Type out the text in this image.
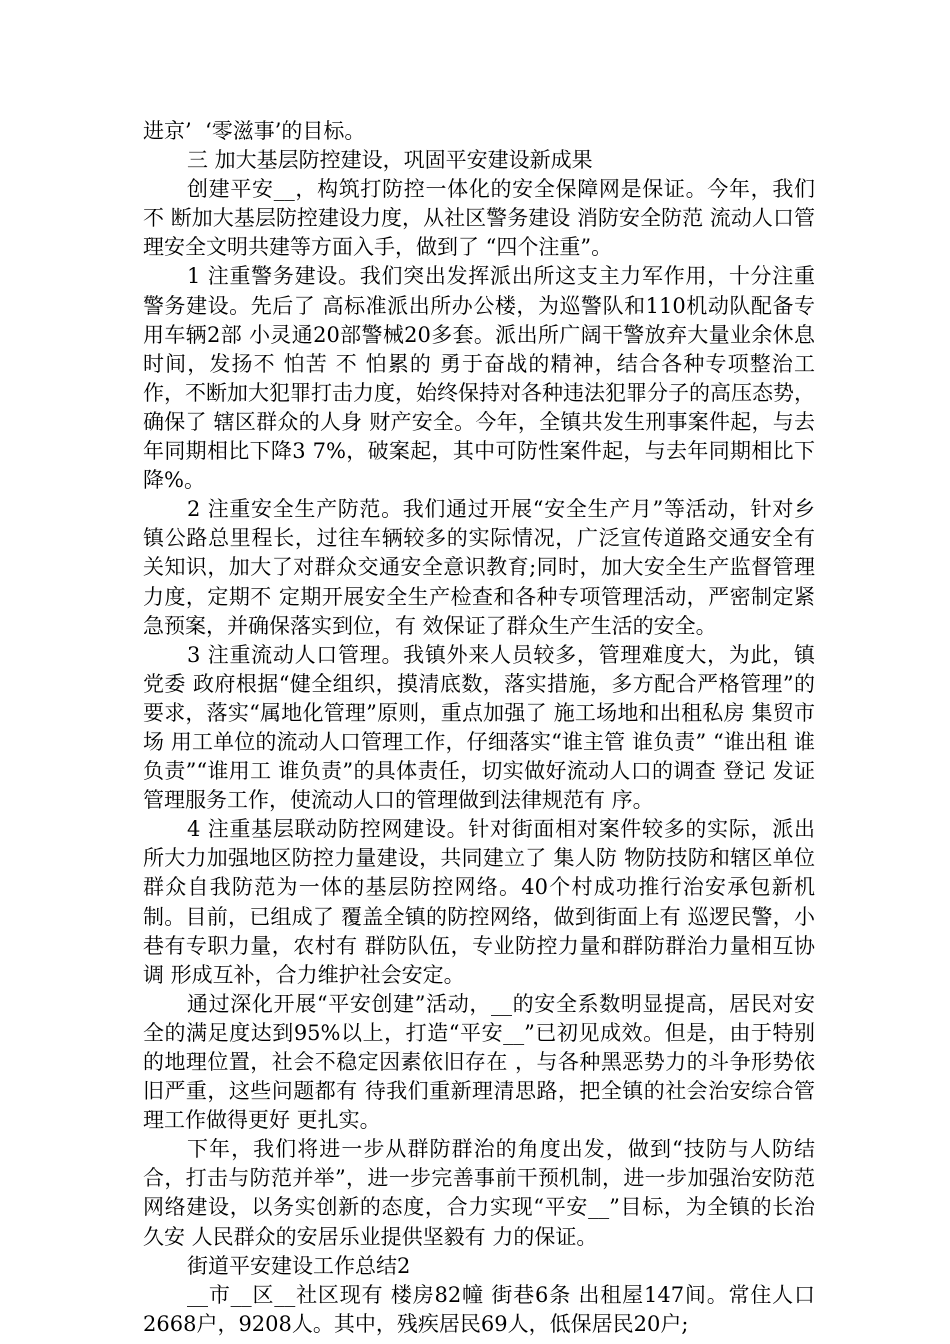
进京’  ‘零滋事’的目标。

三 加大基层防控建设，巩固平安建设新成果

创建平安__，构筑打防控一体化的安全保障网是保证。今年，我们不 断加大基层防控建设力度，从社区警务建设 消防安全防范 流动人口管理安全文明共建等方面入手，做到了 “四个注重”。

1 注重警务建设。我们突出发挥派出所这支主力军作用，十分注重警务建设。先后了 高标准派出所办公楼，为巡警队和110机动队配备专用车辆2部 小灵通20部警械20多套。派出所广阔干警放弃大量业余休息时间，发扬不 怕苦 不 怕累的 勇于奋战的精神，结合各种专项整治工作，不断加大犯罪打击力度，始终保持对各种违法犯罪分子的高压态势，确保了 辖区群众的人身 财产安全。今年，全镇共发生刑事案件起，与去年同期相比下降3 7%，破案起，其中可防性案件起，与去年同期相比下降%。

2 注重安全生产防范。我们通过开展“安全生产月”等活动，针对乡镇公路总里程长，过往车辆较多的实际情况，广泛宣传道路交通安全有 关知识，加大了对群众交通安全意识教育;同时，加大安全生产监督管理力度，定期不 定期开展安全生产检查和各种专项管理活动，严密制定紧急预案，并确保落实到位，有 效保证了群众生产生活的安全。

3 注重流动人口管理。我镇外来人员较多，管理难度大，为此，镇党委 政府根据“健全组织，摸清底数，落实措施，多方配合严格管理”的要求，落实“属地化管理”原则，重点加强了 施工场地和出租私房 集贸市场 用工单位的流动人口管理工作，仔细落实“谁主管 谁负责” “谁出租 谁负责”“谁用工 谁负责”的具体责任，切实做好流动人口的调查 登记 发证管理服务工作，使流动人口的管理做到法律规范有 序。

4 注重基层联动防控网建设。针对街面相对案件较多的实际，派出所大力加强地区防控力量建设，共同建立了 集人防 物防技防和辖区单位群众自我防范为一体的基层防控网络。40个村成功推行治安承包新机制。目前，已组成了 覆盖全镇的防控网络，做到街面上有 巡逻民警，小巷有专职力量，农村有 群防队伍，专业防控力量和群防群治力量相互协调 形成互补，合力维护社会安定。

通过深化开展“平安创建”活动，__的安全系数明显提高，居民对安全的满足度达到95%以上，打造“平安__”已初见成效。但是，由于特别的地理位置，社会不稳定因素依旧存在 ，与各种黑恶势力的斗争形势依旧严重，这些问题都有 待我们重新理清思路，把全镇的社会治安综合管理工作做得更好 更扎实。

下年，我们将进一步从群防群治的角度出发，做到“技防与人防结合，打击与防范并举”，进一步完善事前干预机制，进一步加强治安防范网络建设，以务实创新的态度，合力实现“平安__”目标，为全镇的长治久安 人民群众的安居乐业提供坚毅有 力的保证。

街道平安建设工作总结2

__市__区__社区现有 楼房82幢 街巷6条 出租屋147间。常住人口2668户，9208人。其中，残疾居民69人，低保居民20户;
